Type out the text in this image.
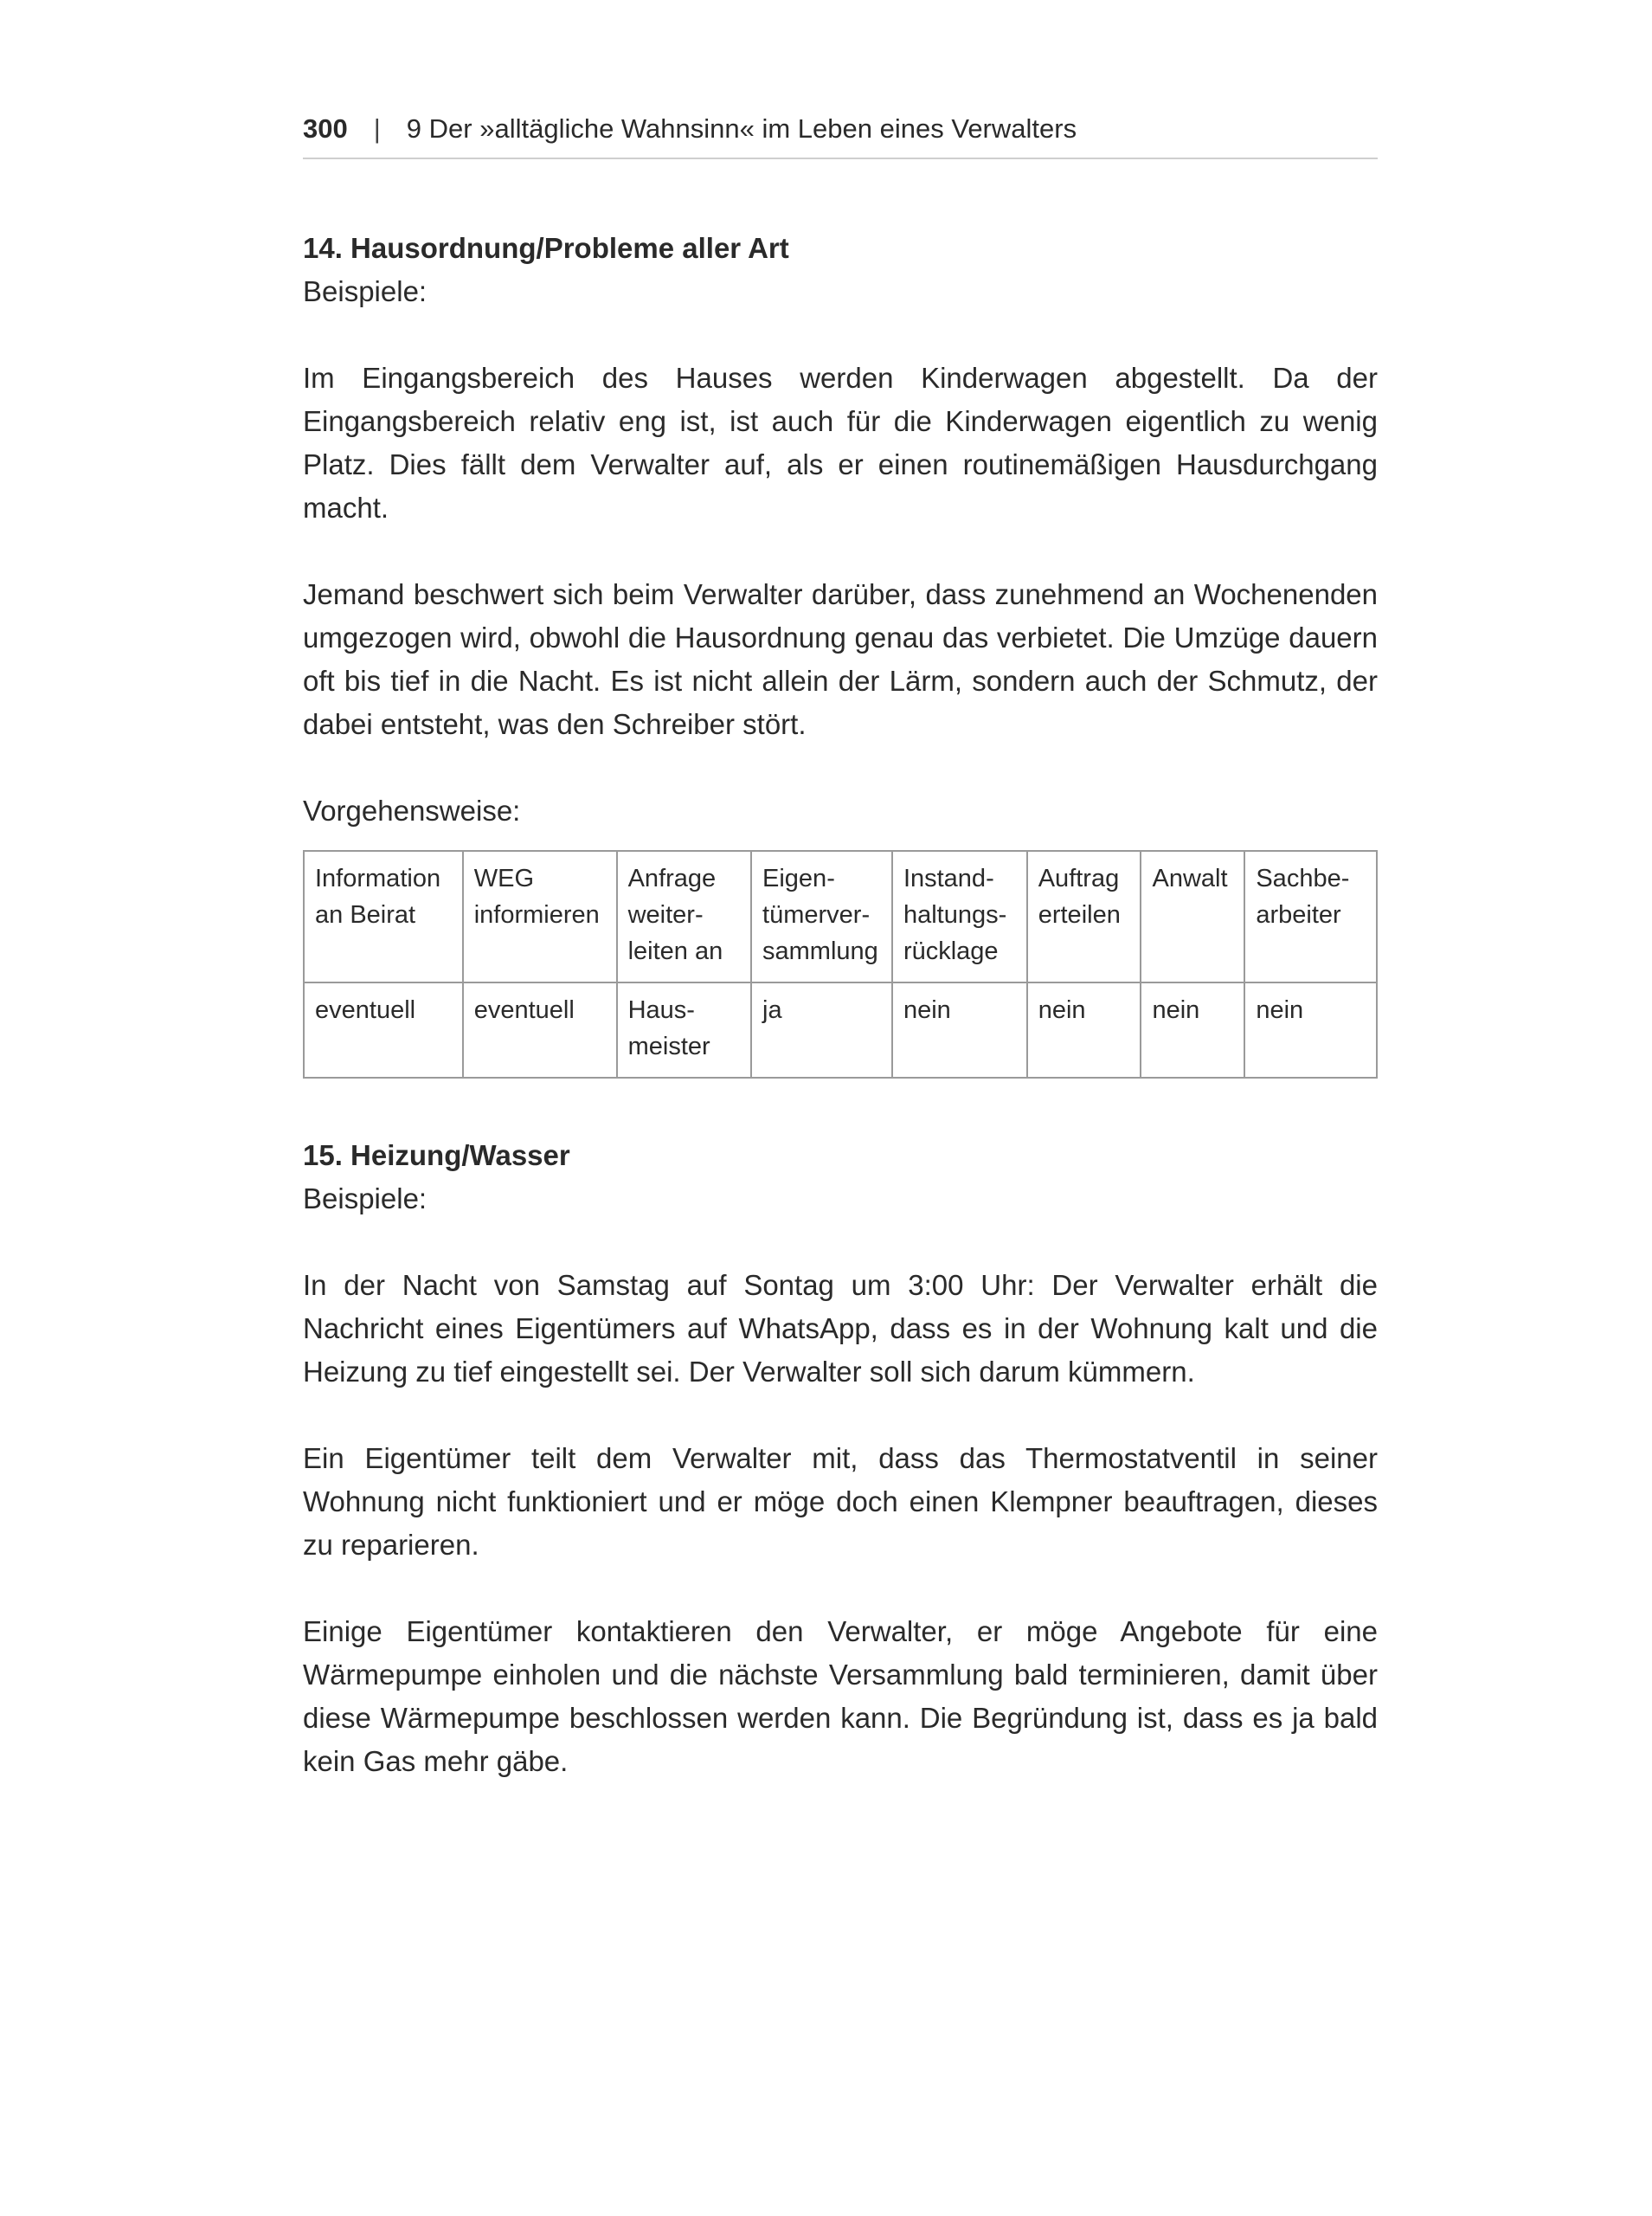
300 | 9 Der »alltägliche Wahnsinn« im Leben eines Verwalters
14. Hausordnung/Probleme aller Art

Beispiele:

Im Eingangsbereich des Hauses werden Kinderwagen abgestellt. Da der Eingangsbereich relativ eng ist, ist auch für die Kinderwagen eigentlich zu wenig Platz. Dies fällt dem Verwalter auf, als er einen routinemäßigen Hausdurchgang macht.

Jemand beschwert sich beim Verwalter darüber, dass zunehmend an Wochenenden umgezogen wird, obwohl die Hausordnung genau das verbietet. Die Umzüge dauern oft bis tief in die Nacht. Es ist nicht allein der Lärm, sondern auch der Schmutz, der dabei entsteht, was den Schreiber stört.

Vorgehensweise:

Information an Beirat	WEG informieren	Anfrage weiterleiten an	Eigentümerversammlung	Instandhaltungsrücklage	Auftrag erteilen	Anwalt	Sachbearbeiter
eventuell	eventuell	Hausmeister	ja	nein	nein	nein	nein
15. Heizung/Wasser

Beispiele:

In der Nacht von Samstag auf Sontag um 3:00 Uhr: Der Verwalter erhält die Nachricht eines Eigentümers auf WhatsApp, dass es in der Wohnung kalt und die Heizung zu tief eingestellt sei. Der Verwalter soll sich darum kümmern.

Ein Eigentümer teilt dem Verwalter mit, dass das Thermostatventil in seiner Wohnung nicht funktioniert und er möge doch einen Klempner beauftragen, dieses zu reparieren.

Einige Eigentümer kontaktieren den Verwalter, er möge Angebote für eine Wärmepumpe einholen und die nächste Versammlung bald terminieren, damit über diese Wärmepumpe beschlossen werden kann. Die Begründung ist, dass es ja bald kein Gas mehr gäbe.
